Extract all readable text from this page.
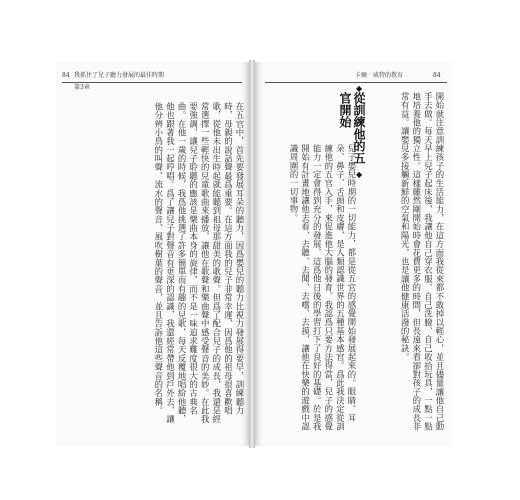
84 我抓住了兒子聽力發展的最佳時期
第3章
在五官中，首先要發展耳朵的聽力，因爲嬰兒的聽力比視力發展得要早，訓練聽力時，母親的說話聲最爲重要。在這方面我的兒子非常幸運，因爲他的祖母很喜歡唱歌，從他未出生時起就能聽到祖母那甜美的歌聲。但爲了配合兒子的成長，我還是經常選擇一些輕快的兒童歌曲來播放，讓他在歌聲和樂曲聲中感受聲音的美妙。在此我要強調，讓兒子聆聽的應該是樂曲本身的旋律，而不是一味追求難度很大的古典名曲。在他一歲的時候，我爲他挑選了許多簡單而有趣的兒歌，每天反覆地唱給他聽，他也跟著我一起哼唱。爲了讓兒子對聲音有更深的認識，我還經常帶他到戶外去，讓他分辨小鳥的叫聲、流水的聲音、風吹樹葉的聲音，並且告訴他這些聲音的名稱。
卡爾‧威特的教育	84
開始就注意訓練孩子的生活能力，在這方面我從來都不敢掉以輕心，並且儘量讓他自己動手去做。每天早上兒子起床後，我讓他自己穿衣服、自己洗臉、自己收拾玩具，一點一點地培養他的獨立性。這樣雖然剛開始時會花費更多的時間，但長遠來看卻對孩子的成長非常有益。讓嬰兒多接觸新鮮的空氣和陽光，也是讓他健康活潑的秘訣。
◆
從訓練他的五官開始
◆
兒子嬰兒時期的一切能力，都是從五官的感覺開始發展起來的。眼睛、耳朵、鼻子、舌頭和皮膚，是人類認識世界的五種基本感官。爲此我決定從訓練他的五官入手，來促進他大腦的發育。我認爲只要方法得當，兒子的感覺能力一定會得到充分的發展，這爲他日後的學習打下了良好的基礎。於是我開始有計畫地讓他去看、去聽、去聞、去嚐、去摸，讓他在快樂的遊戲中認識周圍的一切事物。
